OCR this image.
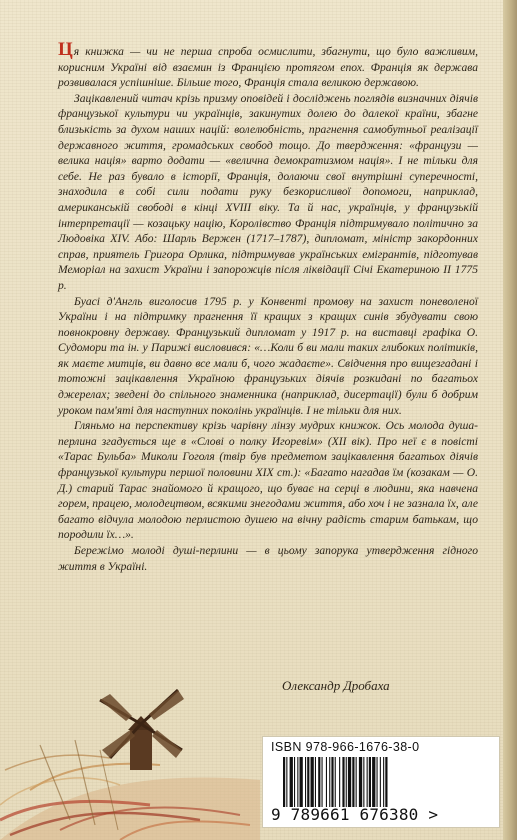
Ця книжка — чи не перша спроба осмислити, збагнути, що було важливим, корисним Україні від взаємин із Францією протягом епох. Франція як держава розвивалася успішніше. Більше того, Франція стала великою державою.

Зацікавлений читач крізь призму оповідей і досліджень поглядів визначних діячів французької культури чи українців, закинутих долею до далекої країни, збагне близькість за духом наших націй: волелюбність, прагнення самобутньої реалізації державного життя, громадських свобод тощо. До твердження: «французи — велика нація» варто додати — «велична демократизмом нація». І не тільки для себе. Не раз бувало в історії, Франція, долаючи свої внутрішні суперечності, знаходила в собі сили подати руку безкорисливої допомоги, наприклад, американській свободі в кінці XVIII віку. Та й нас, українців, у французькій інтерпретації — козацьку націю, Королівство Франція підтримувало політично за Людовіка XIV. Або: Шарль Вержен (1717–1787), дипломат, міністр закордонних справ, приятель Григора Орлика, підтримував українських емігрантів, підготував Меморіал на захист України і запорожців після ліквідації Січі Екатериною II 1775 р.

Буасі д'Англь виголосив 1795 р. у Конвенті промову на захист поневоленої України і на підтримку прагнення її кращих з кращих синів збудувати свою повнокровну державу. Французький дипломат у 1917 р. на виставці графіка О. Судомори та ін. у Парижі висловився: «…Коли б ви мали таких глибоких політиків, як маєте митців, ви давно все мали б, чого жадаєте». Свідчення про вищезгадані і тотожні зацікавлення Україною французьких діячів розкидані по багатьох джерелах; зведені до спільного знаменника (наприклад, дисертації) були б добрим уроком пам'яті для наступних поколінь українців. І не тільки для них.

Гляньмо на перспективу крізь чарівну лінзу мудрих книжок. Ось молода душа-перлина згадується ще в «Слові о полку Игоревім» (XII вік). Про неї є в повісті «Тарас Бульба» Миколи Гоголя (твір був предметом зацікавлення багатьох діячів французької культури першої половини XIX ст.): «Багато нагадав їм (козакам — О. Д.) старий Тарас знайомого й кращого, що буває на серці в людини, яка навчена горем, працею, молодецтвом, всякими знегодами життя, або хоч і не зазнала їх, але багато відчула молодою перлистою душею на вічну радість старим батькам, що породили їх…».

Бережімо молоді душі-перлини — в цьому запорука утвердження гідного життя в Україні.

Олександр Дробаха
ISBN 978-966-1676-38-0
9 789661 676380 >
